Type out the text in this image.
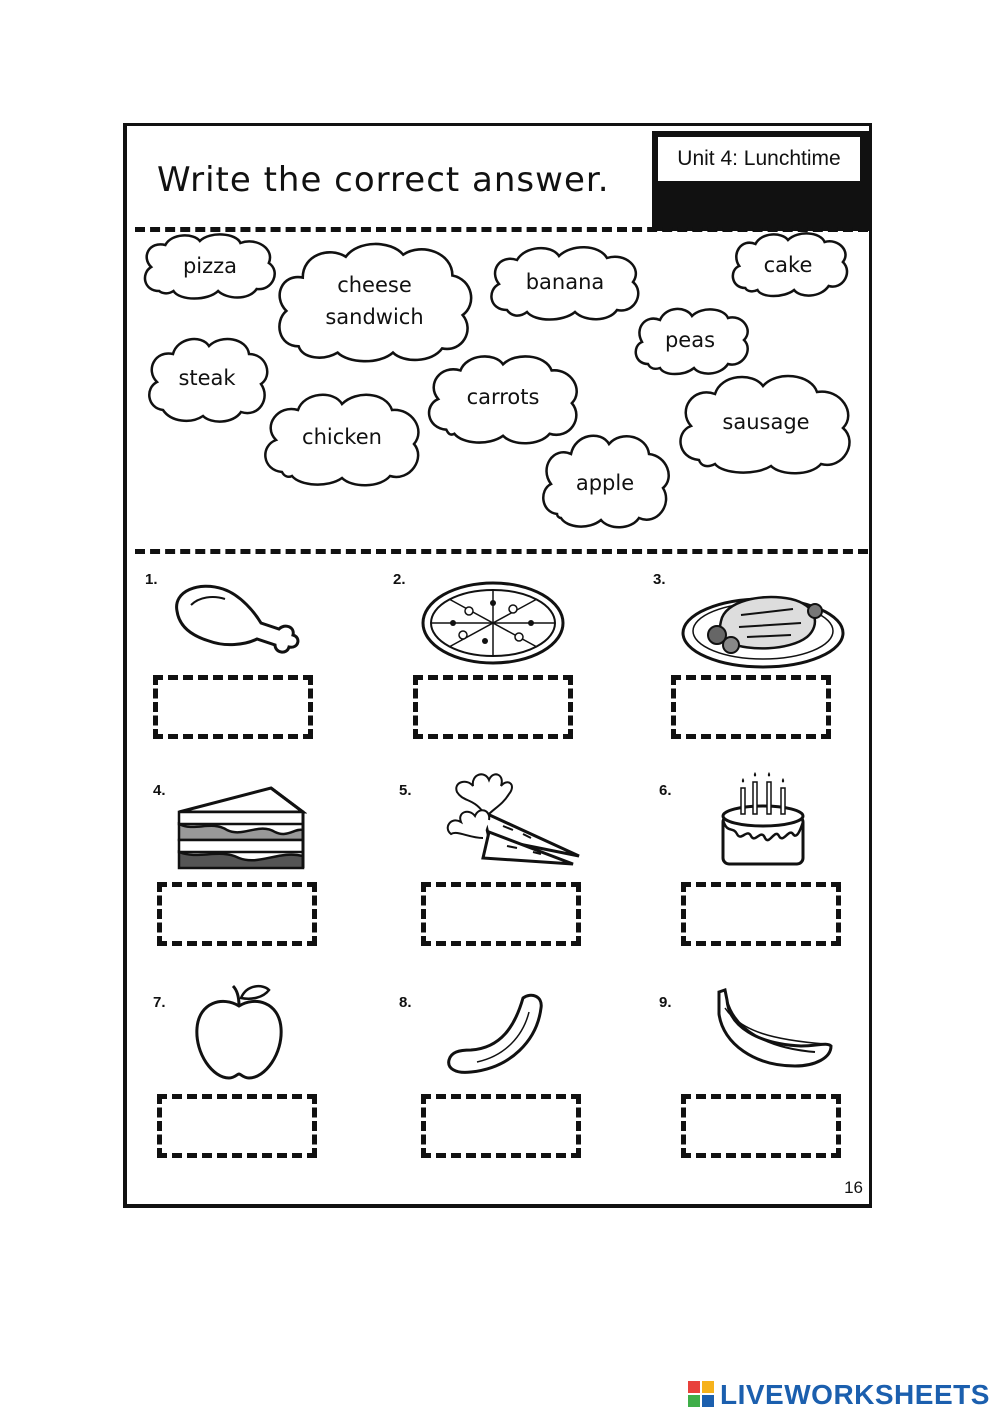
Write the correct answer.
Unit 4: Lunchtime
pizza
cheese
sandwich
banana
cake
peas
steak
carrots
sausage
chicken
apple
1.	2.	3.
4.	5.	6.
7.	8.	9.
16
LIVEWORKSHEETS
